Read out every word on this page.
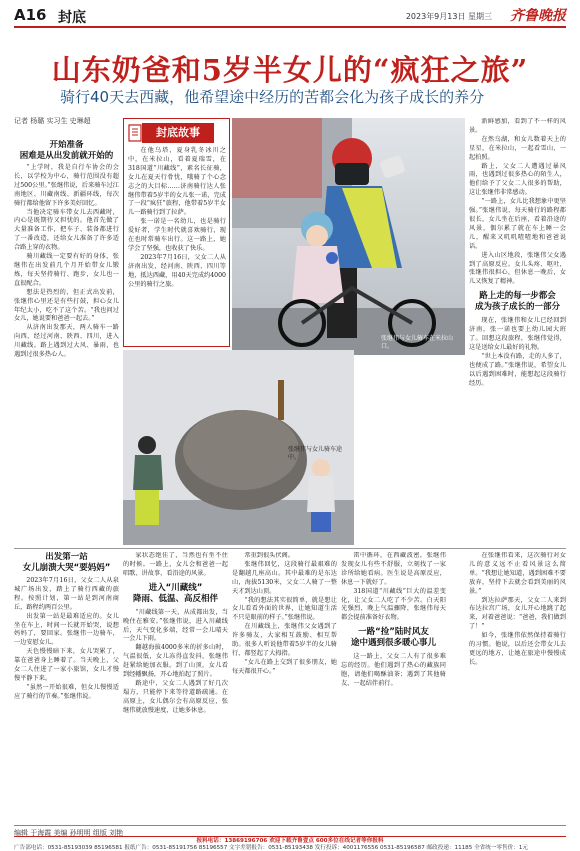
A16 封底	2023年9月13日 星期三 齐鲁晚报
山东奶爸和5岁半女儿的“疯狂之旅”
骑行40天去西藏，他希望途中经历的苦都会化为孩子成长的养分
记者 杨璐 实习生 史琳超
开始准备
困难是从出发前就开始的

“上学时，我是自行车协会的会长，以学校为中心，骑行范围没有超过500公里。”张继伟说，后来骑车过江南地区、川藏南线、新疆环线，每次骑行都给他留下许多美好回忆。

当他决定骑车带女儿去西藏时，内心是既期待又担忧的。他首先做了大量准备工作，把车子、装备都进行了一番改造，还给女儿准备了许多适合路上穿的衣物。

骑川藏线一定要有好的身体，张继伟在出发前几个月开始带女儿锻炼，每天坚持骑行、跑步，女儿也一直很配合。

想法是热烈的，但正式出发前，张继伟心里还是有些打鼓，担心女儿年纪太小，吃不了这个苦。“我也问过女儿，她说要和爸爸一起去。”

从济南出发那天，两人骑车一路向西，经过河南、陕西、四川，进入川藏线。路上遇到过大风、暴雨，也遇到过很多热心人。

封底故事

在他乌塔，夏身乳冬冰川之中，在米拉山，看着夏瑞雪，在318国道“川藏线”，素名长征骑，女儿在夏天行骨忧，哦骑了个心念志之的大目标……济南骑行达人张继伟带着5岁半的女儿张一诺，完成了一段“疯狂”旅程，他带着5岁半女儿一路骑行到了拉萨。

张一诺是一名幼儿，也是骑行爱好者，学生时代就喜欢骑行，现在也时常骑车出行。这一路上，她学会了坚强，也收获了快乐。

2023年7月16日，父女二人从济南出发，经河南、陕西、四川等地，抵达西藏，用40天完成约4000公里的骑行之旅。

张继伟与女儿骑车在米拉山口。
张继伟与女儿骑车途中。

新鲜感加，看到了不一样的风景。

在然乌湖，和女儿数着天上的星星，在米拉山，一起看雪山、一起拍照。

路上，父女二人遭遇过暴风雨，也遇到过很多热心的陌生人，他们给予了父女二人很多的帮助，这让张继伟非常感动。

“一路上，女儿比我想象中更坚强。”张继伟说，每天骑行的路程都很长，女儿坐在后座，看着沿途的风景，偶尔累了就在车上睡一会儿，醒来又叽叽喳喳地和爸爸说话。

进入山区地段，张继伟父女遇到了高原反应。女儿头疼、呕吐，张继伟很担心，但休息一晚后，女儿又恢复了精神。

路上走的每一步都会
成为孩子成长的一部分

现在，张继伟和女儿已经回到济南，张一诺也要上幼儿园大班了。回想这段旅程，张继伟觉得，这是送给女儿最好的礼物。

“世上本没有路，走的人多了，也便成了路。”张继伟说，希望女儿以后遇到困难时，能想起这段骑行经历。

出发第一站
女儿崩溃大哭“要妈妈”

2023年7月16日，父女二人从泉城广场出发，踏上了骑行西藏的旅程。按照计划，第一站是到河南商丘，路程约两百公里。

出发第一站是最难适应的。女儿坐在车上，时间一长就开始哭，说想妈妈了，要回家。张继伟一边骑车，一边安慰女儿。

天色慢慢暗下来，女儿哭累了，靠在爸爸身上睡着了。当天晚上，父女二人住进了一家小旅馆，女儿才慢慢平静下来。

“虽然一开始很难，但女儿慢慢适应了骑行的节奏。”张继伟说。

家状态绝佳了，当然也有坐不住的时候。一路上，女儿会和爸爸一起唱歌、讲故事，看沿途的风景。

进入“川藏线”
降雨、低温、高反相伴

“川藏线第一天，从成都出发，当晚住在雅安。”张继伟说，进入川藏线后，天气变化多端，经常一会儿晴天一会儿下雨。

翻越海拔4000多米的折多山时，气温很低，女儿冻得直发抖，张继伟赶紧给她加衣服。到了山顶，女儿看到经幡飘扬，开心地拍起了照片。

路途中，父女二人遇到了好几次塌方，只能停下来等待道路疏通。在高原上，女儿偶尔会有高原反应，张继伟就放慢速度，让她多休息。

常重到很头伏阁。

张继伟回忆，这段骑行最艰难的是翻越几座高山。其中最难的是东达山，海拔5130米，父女二人骑了一整天才到达山顶。

“我的想法其实很简单，就是想让女儿看看外面的世界，让她知道生活不只是眼前的样子。”张继伟说。

在川藏线上，张继伟父女遇到了许多骑友，大家相互鼓励、相互帮助。很多人听说他带着5岁半的女儿骑行，都竖起了大拇指。

“女儿在路上交到了很多朋友，她每天都很开心。”

雷中循环，在西藏波密，张继伟发现女儿有些不舒服，立刻找了一家诊所给她看病。医生说是高原反应，休息一下就好了。

318国道“川藏线”巨大的温差变化，让父女二人吃了不少苦。白天阳光强烈，晚上气温骤降，张继伟每天都会提前准备好衣物。

一路“捡”陆时风友
途中遇到很多暖心事儿

这一路上，父女二人有了很多难忘的经历。他们遇到了热心的藏族同胞，请他们喝酥油茶；遇到了其他骑友，一起结伴前行。

在张继伟看来，这次骑行对女儿的意义远不止看风景这么简单。“我想让她知道，遇到困难不要放弃，坚持下去就会看到美丽的风景。”

到达拉萨那天，父女二人来到布达拉宫广场，女儿开心地跳了起来，对着爸爸说：“爸爸，我们做到了！”

如今，张继伟依然保持着骑行的习惯。他说，以后还会带女儿去更远的地方，让她在旅途中慢慢成长。

编辑 于海霞 美编 孙明明 组版 刘艳
报料电话：13869196706 欢迎下载齐鲁壹点 600多位在线记者等你报料
广告部电话：0531-85193039 85196581 报纸广告：0531-85191756 85196557 文字差错报告：0531-85193438 发行投诉：4001176556 0531-85196587 邮政投递：11185 全省统一零售价：1元
